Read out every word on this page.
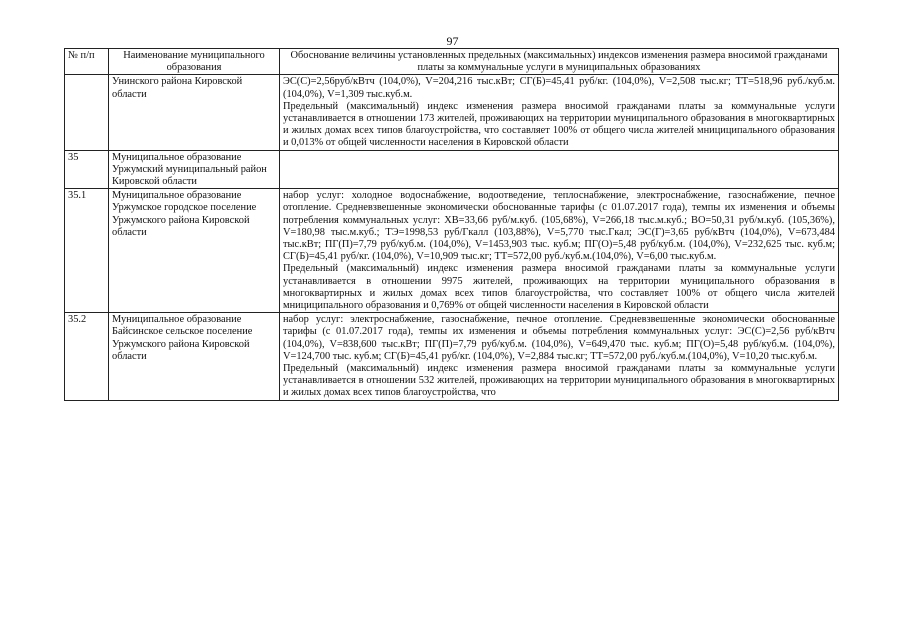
97
№ п/п	Наименование муниципального образования	Обоснование величины установленных предельных (максимальных) индексов изменения размера вносимой гражданами платы за коммунальные услуги в муниципальных образованиях
	Унинского района Кировской области	ЭС(С)=2,56руб/кВтч (104,0%), V=204,216 тыс.кВт; СГ(Б)=45,41 руб/кг. (104,0%), V=2,508 тыс.кг; ТТ=518,96 руб./куб.м.(104,0%), V=1,309 тыс.куб.м.
Предельный (максимальный) индекс изменения размера вносимой гражданами платы за коммунальные услуги устанавливается в отношении 173 жителей, проживающих на территории муниципального образования в многоквартирных и жилых домах всех типов благоустройства, что составляет 100% от общего числа жителей мнициципального образования и 0,013% от общей численности населения в Кировской области

35	Муниципальное образование Уржумский муниципальный район Кировской области	

35.1	Муниципальное образование Уржумское городское поселение Уржумского района Кировской области	набор услуг: холодное водоснабжение, водоотведение, теплоснабжение, электроснабжение, газоснабжение, печное отопление. Средневзвешенные экономически обоснованные тарифы (с 01.07.2017 года), темпы их изменения и объемы потребления коммунальных услуг: ХВ=33,66 руб/м.куб. (105,68%), V=266,18 тыс.м.куб.; ВО=50,31 руб/м.куб. (105,36%), V=180,98 тыс.м.куб.; ТЭ=1998,53 руб/Гкалл (103,88%), V=5,770 тыс.Гкал; ЭС(Г)=3,65 руб/кВтч (104,0%), V=673,484 тыс.кВт; ПГ(П)=7,79 руб/куб.м. (104,0%), V=1453,903 тыс. куб.м; ПГ(О)=5,48 руб/куб.м. (104,0%), V=232,625 тыс. куб.м; СГ(Б)=45,41 руб/кг. (104,0%), V=10,909 тыс.кг; ТТ=572,00 руб./куб.м.(104,0%), V=6,00 тыс.куб.м.
Предельный (максимальный) индекс изменения размера вносимой гражданами платы за коммунальные услуги устанавливается в отношении 9975 жителей, проживающих на территории муниципального образования в многоквартирных и жилых домах всех типов благоустройства, что составляет 100% от общего числа жителей мнициципального образования и 0,769% от общей численности населения в Кировской области

35.2	Муниципальное образование Байсинское сельское поселение Уржумского района Кировской области	набор услуг: электроснабжение, газоснабжение, печное отопление. Средневзвешенные экономически обоснованные тарифы (с 01.07.2017 года), темпы их изменения и объемы потребления коммунальных услуг: ЭС(С)=2,56 руб/кВтч (104,0%), V=838,600 тыс.кВт; ПГ(П)=7,79 руб/куб.м. (104,0%), V=649,470 тыс. куб.м; ПГ(О)=5,48 руб/куб.м. (104,0%), V=124,700 тыс. куб.м; СГ(Б)=45,41 руб/кг. (104,0%), V=2,884 тыс.кг; ТТ=572,00 руб./куб.м.(104,0%), V=10,20 тыс.куб.м.
Предельный (максимальный) индекс изменения размера вносимой гражданами платы за коммунальные услуги устанавливается в отношении 532 жителей, проживающих на территории муниципального образования в многоквартирных и жилых домах всех типов благоустройства, что
